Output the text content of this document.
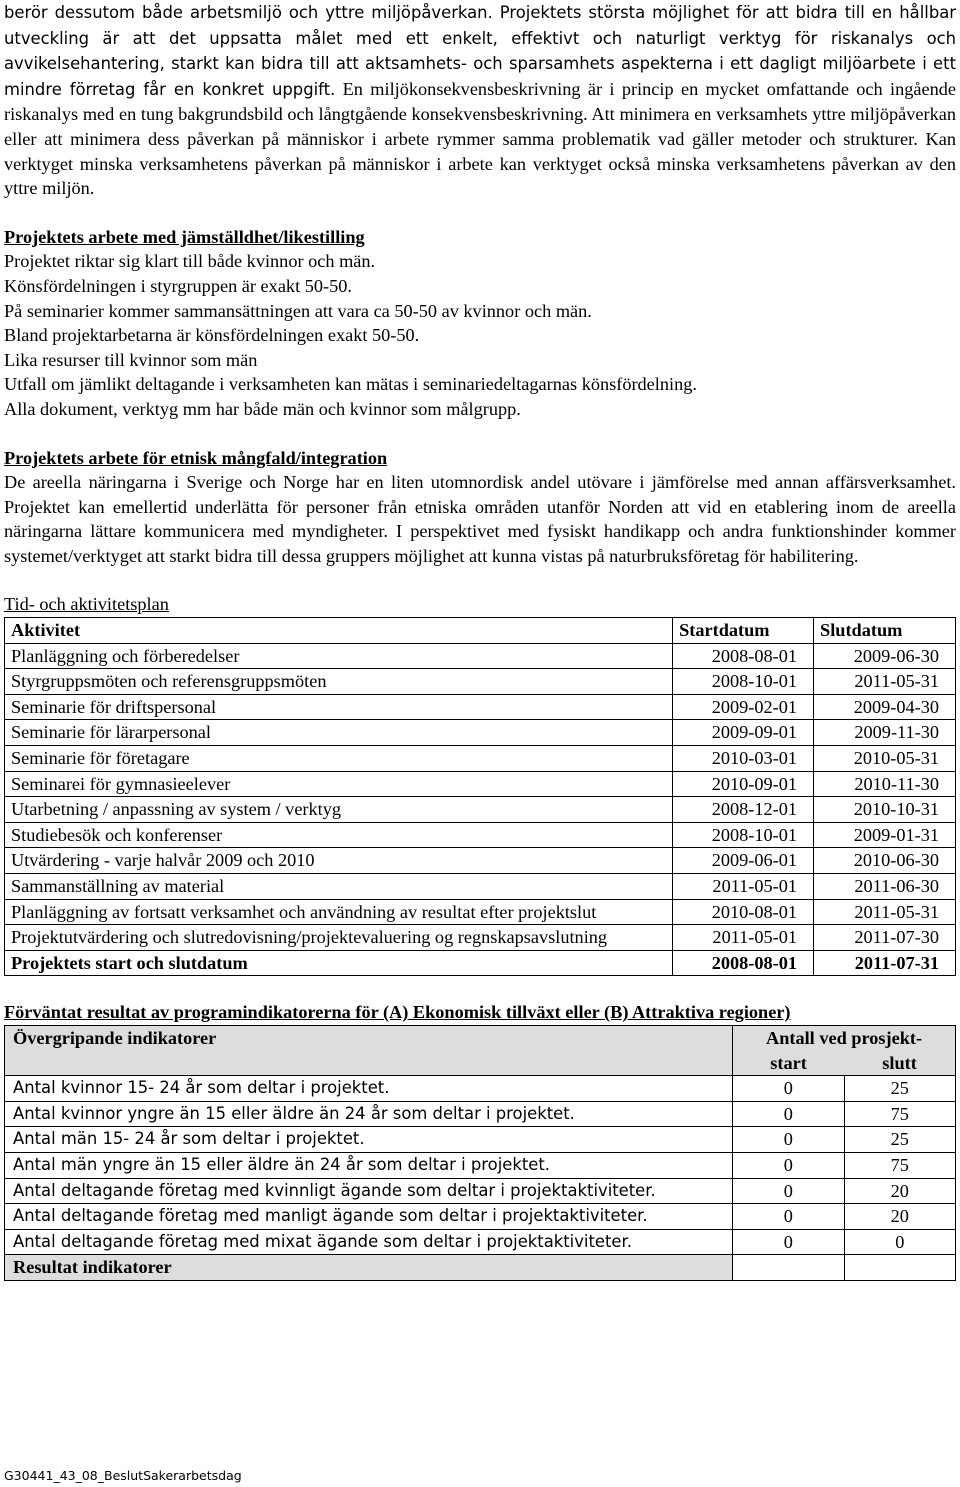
berör dessutom både arbetsmiljö och yttre miljöpåverkan. Projektets största möjlighet för att bidra till en hållbar utveckling är att det uppsatta målet med ett enkelt, effektivt och naturligt verktyg för riskanalys och avvikelsehantering, starkt kan bidra till att aktsamhets- och sparsamhets aspekterna i ett dagligt miljöarbete i ett mindre förretag får en konkret uppgift. En miljökonsekvensbeskrivning är i princip en mycket omfattande och ingående riskanalys med en tung bakgrundsbild och långtgående konsekvensbeskrivning. Att minimera en verksamhets yttre miljöpåverkan eller att minimera dess påverkan på människor i arbete rymmer samma problematik vad gäller metoder och strukturer. Kan verktyget minska verksamhetens påverkan på människor i arbete kan verktyget också minska verksamhetens påverkan av den yttre miljön.

Projektets arbete med jämställdhet/likestilling

Projektet riktar sig klart till både kvinnor och män.

Könsfördelningen i styrgruppen är exakt 50-50.

På seminarier kommer sammansättningen att vara ca 50-50 av kvinnor och män.

Bland projektarbetarna är könsfördelningen exakt 50-50.

Lika resurser till kvinnor som män

Utfall om jämlikt deltagande i verksamheten kan mätas i seminariedeltagarnas könsfördelning.

Alla dokument, verktyg mm har både män och kvinnor som målgrupp.

Projektets arbete för etnisk mångfald/integration

De areella näringarna i Sverige och Norge har en liten utomnordisk andel utövare i jämförelse med annan affärsverksamhet. Projektet kan emellertid underlätta för personer från etniska områden utanför Norden att vid en etablering inom de areella näringarna lättare kommunicera med myndigheter. I perspektivet med fysiskt handikapp och andra funktionshinder kommer systemet/verktyget att starkt bidra till dessa gruppers möjlighet att kunna vistas på naturbruksföretag för habilitering.

Tid- och aktivitetsplan

Aktivitet	Startdatum	Slutdatum
Planläggning och förberedelser	2008-08-01	2009-06-30
Styrgruppsmöten och referensgruppsmöten	2008-10-01	2011-05-31
Seminarie för driftspersonal	2009-02-01	2009-04-30
Seminarie för lärarpersonal	2009-09-01	2009-11-30
Seminarie för företagare	2010-03-01	2010-05-31
Seminarei för gymnasieelever	2010-09-01	2010-11-30
Utarbetning / anpassning av system / verktyg	2008-12-01	2010-10-31
Studiebesök och konferenser	2008-10-01	2009-01-31
Utvärdering - varje halvår 2009 och 2010	2009-06-01	2010-06-30
Sammanställning av material	2011-05-01	2011-06-30
Planläggning av fortsatt verksamhet och användning av resultat efter projektslut	2010-08-01	2011-05-31
Projektutvärdering och slutredovisning/projektevaluering og regnskapsavslutning	2011-05-01	2011-07-30
Projektets start och slutdatum	2008-08-01	2011-07-31

Förväntat resultat av programindikatorerna för (A) Ekonomisk tillväxt eller (B) Attraktiva regioner)

Övergripande indikatorer	Antall ved prosjekt-	
	start	slutt
Antal kvinnor 15- 24 år som deltar i projektet.	0	25
Antal kvinnor yngre än 15 eller äldre än 24 år som deltar i projektet.	0	75
Antal män 15- 24 år som deltar i projektet.	0	25
Antal män yngre än 15 eller äldre än 24 år som deltar i projektet.	0	75
Antal deltagande företag med kvinnligt ägande som deltar i projektaktiviteter.	0	20
Antal deltagande företag med manligt ägande som deltar i projektaktiviteter.	0	20
Antal deltagande företag med mixat ägande som deltar i projektaktiviteter.	0	0
Resultat indikatorer		
G30441_43_08_BeslutSakerarbetsdag
